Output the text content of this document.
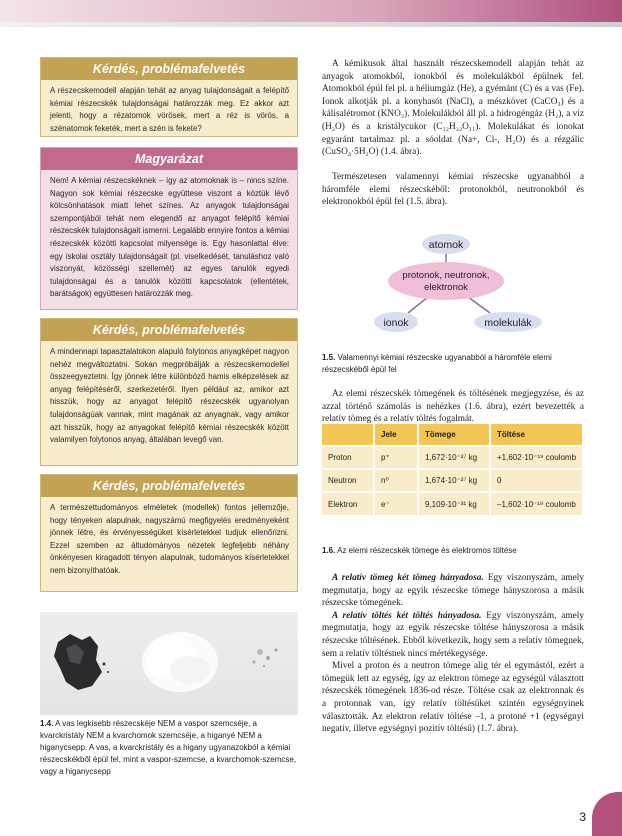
Kérdés, problémafelvetés
A részecskemodell alapján tehát az anyag tulajdonságait a felépítő kémiai részecskék tulajdonságai határozzák meg. Ez akkor azt jelenti, hogy a rézatomok vörösek, mert a réz is vörös, a szénatomok feketék, mert a szén is fekete?
Magyarázat
Nem! A kémiai részecskéknek – így az atomoknak is – nincs színe. Nagyon sok kémiai részecske együttese viszont a köztük lévő kölcsönhatások miatt lehet színes. Az anyagok tulajdonságai szempontjából tehát nem elegendő az anyagot felépítő kémiai részecskék tulajdonságait ismerni. Legalább ennyire fontos a kémiai részecskék közötti kapcsolat milyensége is. Egy hasonlattal élve: egy iskolai osztály tulajdonságait (pl. viselkedését, tanuláshoz való viszonyát, közösségi szellemét) az egyes tanulók egyedi tulajdonságai és a tanulók közötti kapcsolatok (ellentétek, barátságok) együttesen határozzák meg.
Kérdés, problémafelvetés
A mindennapi tapasztalatokon alapuló folytonos anyagképet nagyon nehéz megváltoztatni. Sokan megpróbálják a részecskemodellel összeegyeztetni. Így jönnek létre különböző hamis elképzelések az anyag felépítéséről, szerkezetéről. Ilyen például az, amikor azt hisszük, hogy az anyagot felépítő részecskék ugyanolyan tulajdonságúak vannak, mint magának az anyagnak, vagy amikor azt hisszük, hogy az anyagokat felépítő kémiai részecskék között valamilyen folytonos anyag, általában levegő van.
Kérdés, problémafelvetés
A természettudományos elméletek (modellek) fontos jellemzője, hogy tényeken alapulnak, nagyszámú megfigyelés eredményeként jönnek létre, és érvényességüket kísérletekkel tudjuk ellenőrizni. Ezzel szemben az áltudományos nézetek legfeljebb néhány önkényesen kiragadott tényen alapulnak, tudományos kísérletekkel nem bizonyíthatóak.
1.4. A vas legkisebb részecskéje NEM a vaspor szemcséje, a kvarckristály NEM a kvarchomok szemcséje, a higanyé NEM a higanycsepp. A vas, a kvarckristály és a higany ugyanazokból a kémiai részecskékből épül fel, mint a vaspor-szemcse, a kvarchomok-szemcse, vagy a higanycsepp

A kémikusok által használt részecskemodell alapján tehát az anyagok atomokból, ionokból és molekulákból épülnek fel. Atomokból épül fel pl. a héliumgáz (He), a gyémánt (C) és a vas (Fe). Ionok alkotják pl. a konyhasót (NaCl), a mészkövet (CaCO₃) és a kálisalétromot (KNO₃). Molekulákból áll pl. a hidrogéngáz (H₂), a víz (H₂O) és a kristálycukor (C₁₂H₂₂O₁₁). Molekulákat és ionokat egyaránt tartalmaz pl. a sóoldat (Na+, Cl-, H₂O) és a rézgálic (CuSO₄·5H₂O) (1.4. ábra).

Természetesen valamennyi kémiai részecske ugyanabból a háromféle elemi részecskéből: protonokból, neutronokból és elektronokból épül fel (1.5. ábra).

atomok
protonok, neutronok,
elektronok
ionok	molekulák
1.5. Valamennyi kémiai részecske ugyanabból a háromféle elemi részecskéből épül fel

Az elemi részecskék tömegének és töltésének megjegyzése, és az azzal történő számolás is nehézkes (1.6. ábra), ezért bevezették a relatív tömeg és a relatív töltés fogalmát.

	Jele	Tömege	Töltése
Proton	p⁺	1,672·10⁻²⁷ kg	+1,602·10⁻¹⁹ coulomb
Neutron	n⁰	1,674·10⁻²⁷ kg	0
Elektron	e⁻	9,109·10⁻³¹ kg	–1,602·10⁻¹⁹ coulomb
1.6. Az elemi részecskék tömege és elektromos töltése

A relatív tömeg két tömeg hányadosa. Egy viszonyszám, amely megmutatja, hogy az egyik részecske tömege hányszorosa a másik részecske tömegének.

A relatív töltés két töltés hányadosa. Egy viszonyszám, amely megmutatja, hogy az egyik részecske töltése hányszorosa a másik részecske töltésének. Ebből következik, hogy sem a relatív tömegnek, sem a relatív töltésnek nincs mértékegysége.

Mivel a proton és a neutron tömege alig tér el egymástól, ezért a tömegük lett az egység, így az elektron tömege az egységül választott részecskék tömegének 1836-od része. Töltése csak az elektronnak és a protonnak van, így relatív töltésüket szintén egységnyinek választották. Az elektron relatív töltése –1, a protoné +1 (egységnyi negatív, illetve egységnyi pozitív töltésű) (1.7. ábra).

3
